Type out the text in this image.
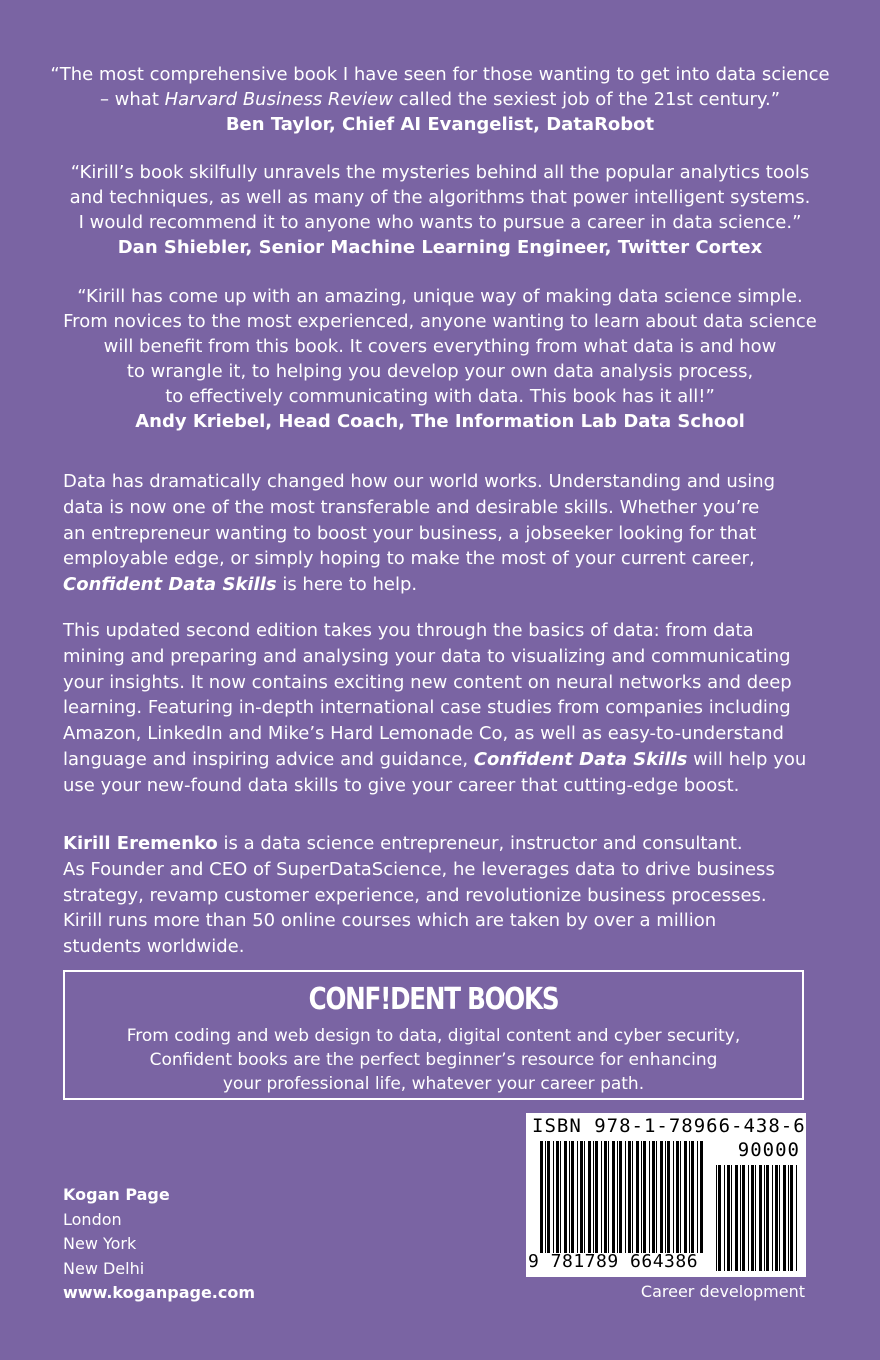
“The most comprehensive book I have seen for those wanting to get into data science
– what Harvard Business Review called the sexiest job of the 21st century.”
Ben Taylor, Chief AI Evangelist, DataRobot
“Kirill’s book skilfully unravels the mysteries behind all the popular analytics tools
and techniques, as well as many of the algorithms that power intelligent systems.
I would recommend it to anyone who wants to pursue a career in data science.”
Dan Shiebler, Senior Machine Learning Engineer, Twitter Cortex
“Kirill has come up with an amazing, unique way of making data science simple.
From novices to the most experienced, anyone wanting to learn about data science
will benefit from this book. It covers everything from what data is and how
to wrangle it, to helping you develop your own data analysis process,
to effectively communicating with data. This book has it all!”
Andy Kriebel, Head Coach, The Information Lab Data School
Data has dramatically changed how our world works. Understanding and using
data is now one of the most transferable and desirable skills. Whether you’re
an entrepreneur wanting to boost your business, a jobseeker looking for that
employable edge, or simply hoping to make the most of your current career,
Confident Data Skills is here to help.
This updated second edition takes you through the basics of data: from data
mining and preparing and analysing your data to visualizing and communicating
your insights. It now contains exciting new content on neural networks and deep
learning. Featuring in-depth international case studies from companies including
Amazon, LinkedIn and Mike’s Hard Lemonade Co, as well as easy-to-understand
language and inspiring advice and guidance, Confident Data Skills will help you
use your new-found data skills to give your career that cutting-edge boost.
Kirill Eremenko is a data science entrepreneur, instructor and consultant.
As Founder and CEO of SuperDataScience, he leverages data to drive business
strategy, revamp customer experience, and revolutionize business processes.
Kirill runs more than 50 online courses which are taken by over a million
students worldwide.
CONF!DENT BOOKS
From coding and web design to data, digital content and cyber security,
Confident books are the perfect beginner’s resource for enhancing
your professional life, whatever your career path.
Kogan Page
London
New York
New Delhi
www.koganpage.com
ISBN 978-1-78966-438-6
90000
9 781789 664386
Career development
